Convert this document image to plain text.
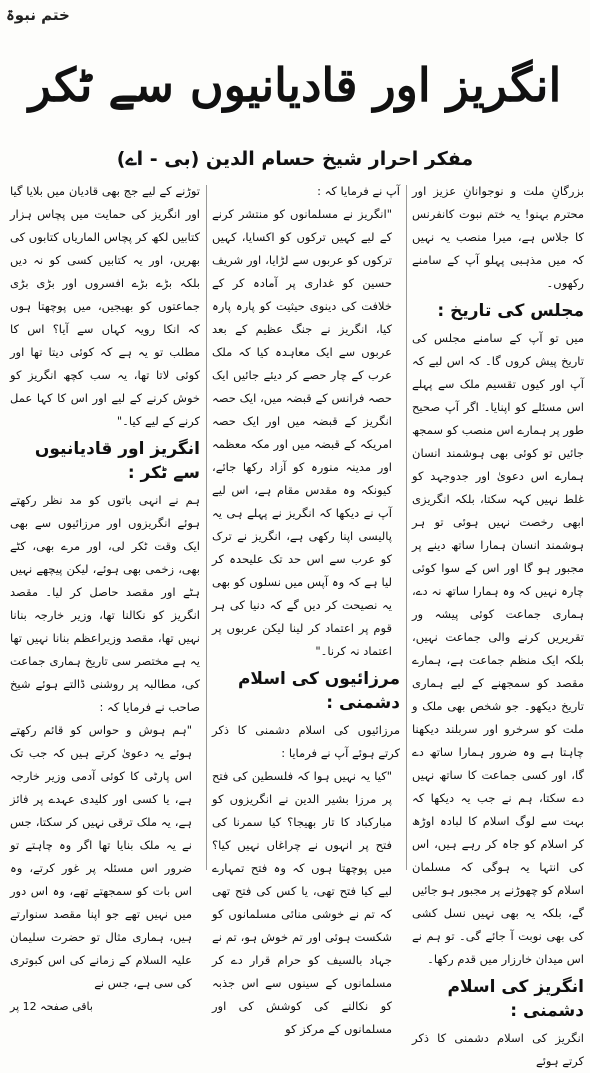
ختم نبوۃ
انگریز اور قادیانیوں سے ٹکر
مفکر احرار شیخ حسام الدین (بی - اے)

بزرگانِ ملت و نوجوانانِ عزیز اور محترم بہنو! یہ ختم نبوت کانفرنس کا جلاس ہے، میرا منصب یہ نہیں کہ میں مذہبی پہلو آپ کے سامنے رکھوں۔

مجلس کی تاریخ :

میں تو آپ کے سامنے مجلس کی تاریخ پیش کروں گا۔ کہ اس لیے کہ آپ اور کیوں تقسیم ملک سے پہلے اس مسئلے کو اپنایا۔ اگر آپ صحیح طور پر ہمارے اس منصب کو سمجھ جائیں تو کوئی بھی ہوشمند انسان ہمارے اس دعویٰ اور جدوجہد کو غلط نہیں کہہ سکتا، بلکہ انگریزی ابھی رخصت نہیں ہوئی تو ہر ہوشمند انسان ہمارا ساتھ دینے پر مجبور ہو گا اور اس کے سوا کوئی چارہ نہیں کہ وہ ہمارا ساتھ نہ دے، ہماری جماعت کوئی پیشہ ور تقریریں کرنے والی جماعت نہیں، بلکہ ایک منظم جماعت ہے، ہمارے مقصد کو سمجھنے کے لیے ہماری تاریخ دیکھو۔ جو شخص بھی ملک و ملت کو سرخرو اور سربلند دیکھنا چاہتا ہے وہ ضرور ہمارا ساتھ دے گا، اور کسی جماعت کا ساتھ نہیں دے سکتا، ہم نے جب یہ دیکھا کہ بہت سے لوگ اسلام کا لبادہ اوڑھ کر اسلام کو جاہ کر رہے ہیں، اس کی انتہا یہ ہوگی کہ مسلمان اسلام کو چھوڑنے پر مجبور ہو جائیں گے، بلکہ یہ بھی نہیں نسل کشی کی بھی نوبت آ جائے گی۔ تو ہم نے اس میدان خارزار میں قدم رکھا۔

انگریز کی اسلام دشمنی :

انگریز کی اسلام دشمنی کا ذکر کرتے ہوئے

آپ نے فرمایا کہ :

"انگریز نے مسلمانوں کو منتشر کرنے کے لیے کہیں ترکوں کو اکسایا، کہیں ترکوں کو عربوں سے لڑایا، اور شریف حسین کو غداری پر آمادہ کر کے خلافت کی دینوی حیثیت کو پارہ پارہ کیا، انگریز نے جنگ عظیم کے بعد عربوں سے ایک معاہدہ کیا کہ ملک عرب کے چار حصے کر دیئے جائیں ایک حصہ فرانس کے قبضہ میں، ایک حصہ انگریز کے قبضہ میں اور ایک حصہ امریکہ کے قبضہ میں اور مکہ معظمہ اور مدینہ منورہ کو آزاد رکھا جائے، کیونکہ وہ مقدس مقام ہے، اس لیے آپ نے دیکھا کہ انگریز نے پہلے ہی یہ پالیسی اپنا رکھی ہے، انگریز نے ترک کو عرب سے اس حد تک علیحدہ کر لیا ہے کہ وہ آپس میں نسلوں کو بھی یہ نصیحت کر دیں گے کہ دنیا کی ہر قوم پر اعتماد کر لینا لیکن عربوں پر اعتماد نہ کرنا۔"

مرزائیوں کی اسلام دشمنی :

مرزائیوں کی اسلام دشمنی کا ذکر کرتے ہوئے آپ نے فرمایا :

"کیا یہ نہیں ہوا کہ فلسطین کی فتح پر مرزا بشیر الدین نے انگریزوں کو مبارکباد کا تار بھیجا؟ کیا سمرنا کی فتح پر انہوں نے چراغاں نہیں کیا؟ میں پوچھتا ہوں کہ وہ فتح تمہارے لیے کیا فتح تھی، یا کس کی فتح تھی کہ تم نے خوشی منائی مسلمانوں کو شکست ہوئی اور تم خوش ہو، تم نے جہاد بالسیف کو حرام قرار دے کر مسلمانوں کے سینوں سے اس جذبہ کو نکالنے کی کوشش کی اور مسلمانوں کے مرکز کو

توڑنے کے لیے جج بھی قادیان میں بلایا گیا اور انگریز کی حمایت میں پچاس ہزار کتابیں لکھ کر پچاس الماریاں کتابوں کی بھریں، اور یہ کتابیں کسی کو نہ دیں بلکہ بڑے بڑے افسروں اور بڑی بڑی جماعتوں کو بھیجیں، میں پوچھتا ہوں کہ انکا رویہ کہاں سے آیا؟ اس کا مطلب تو یہ ہے کہ کوئی دیتا تھا اور کوئی لاتا تھا، یہ سب کچھ انگریز کو خوش کرنے کے لیے اور اس کا کہا عمل کرنے کے لیے کیا۔"

انگریز اور قادیانیوں سے ٹکر :

ہم نے انہی باتوں کو مد نظر رکھتے ہوئے انگریزوں اور مرزائیوں سے بھی ایک وقت ٹکر لی، اور مرے بھی، کٹے بھی، زخمی بھی ہوئے، لیکن پیچھے نہیں ہٹے اور مقصد حاصل کر لیا۔ مقصد انگریز کو نکالنا تھا، وزیر خارجہ بنانا نہیں تھا، مقصد وزیراعظم بنانا نہیں تھا یہ ہے مختصر سی تاریخ ہماری جماعت کی، مطالبہ پر روشنی ڈالتے ہوئے شیخ صاحب نے فرمایا کہ :

"ہم ہوش و حواس کو قائم رکھتے ہوئے یہ دعویٰ کرتے ہیں کہ جب تک اس پارٹی کا کوئی آدمی وزیر خارجہ ہے، یا کسی اور کلیدی عہدے پر فائز ہے، یہ ملک ترقی نہیں کر سکتا، جس نے یہ ملک بنایا تھا اگر وہ چاہتے تو ضرور اس مسئلہ پر غور کرتے، وہ اس بات کو سمجھتے تھے، وہ اس دور میں نہیں تھے جو اپنا مقصد سنوارتے ہیں، ہماری مثال تو حضرت سلیمان علیہ السلام کے زمانے کی اس کبوتری کی سی ہے، جس نے

باقی صفحہ 12 پر
